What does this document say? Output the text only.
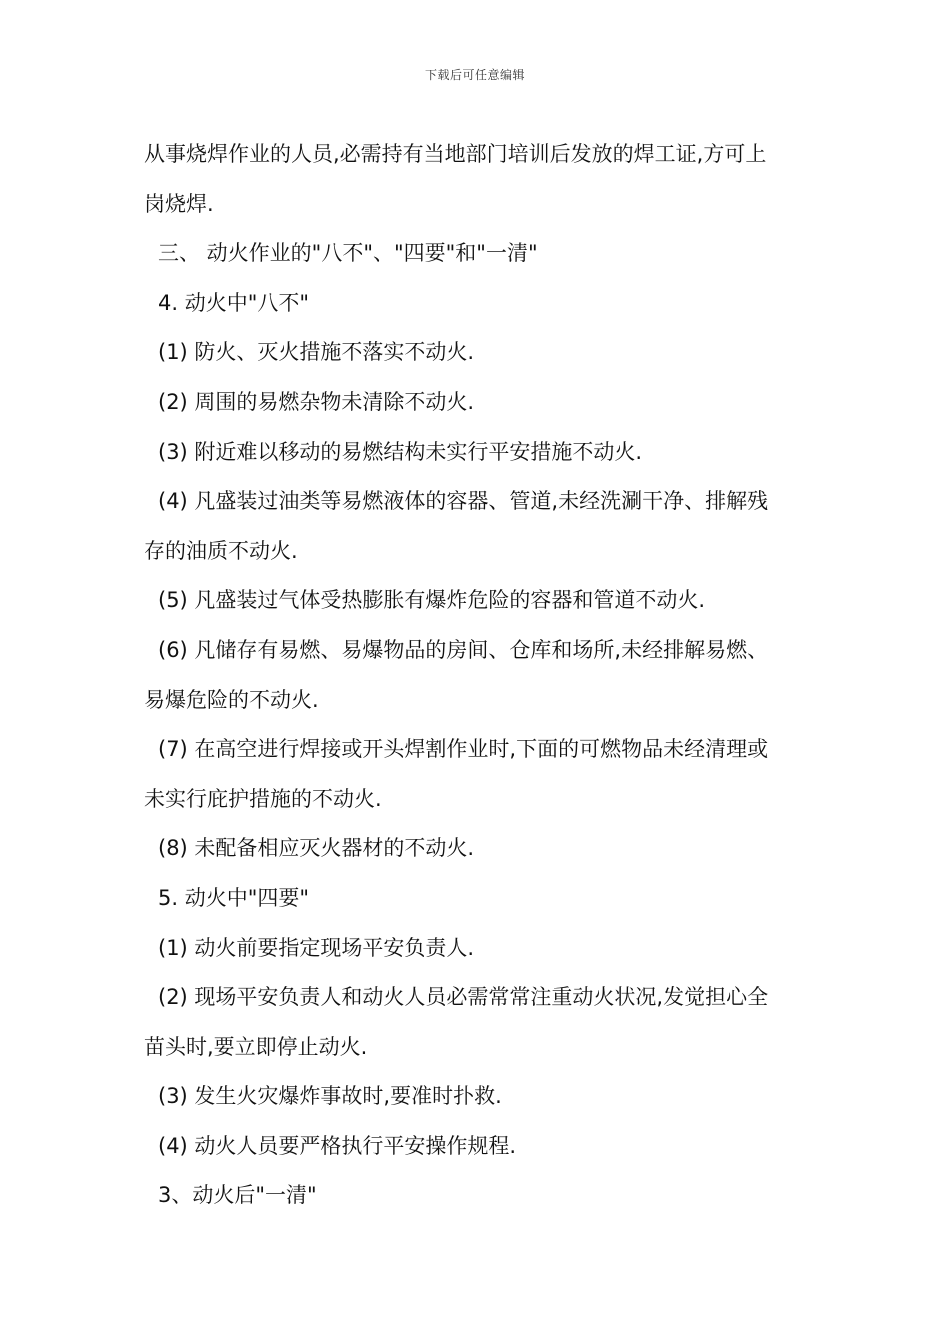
下载后可任意编辑
从事烧焊作业的人员,必需持有当地部门培训后发放的焊工证,方可上
岗烧焊.
三、 动火作业的"八不"、"四要"和"一清"
4. 动火中"八不"
(1) 防火、灭火措施不落实不动火.
(2) 周围的易燃杂物未清除不动火.
(3) 附近难以移动的易燃结构未实行平安措施不动火.
(4) 凡盛装过油类等易燃液体的容器、管道,未经洗涮干净、排解残
存的油质不动火.
(5) 凡盛装过气体受热膨胀有爆炸危险的容器和管道不动火.
(6) 凡储存有易燃、易爆物品的房间、仓库和场所,未经排解易燃、
易爆危险的不动火.
(7) 在高空进行焊接或开头焊割作业时,下面的可燃物品未经清理或
未实行庇护措施的不动火.
(8) 未配备相应灭火器材的不动火.
5. 动火中"四要"
(1) 动火前要指定现场平安负责人.
(2) 现场平安负责人和动火人员必需常常注重动火状况,发觉担心全
苗头时,要立即停止动火.
(3) 发生火灾爆炸事故时,要准时扑救.
(4) 动火人员要严格执行平安操作规程.
3、动火后"一清"
